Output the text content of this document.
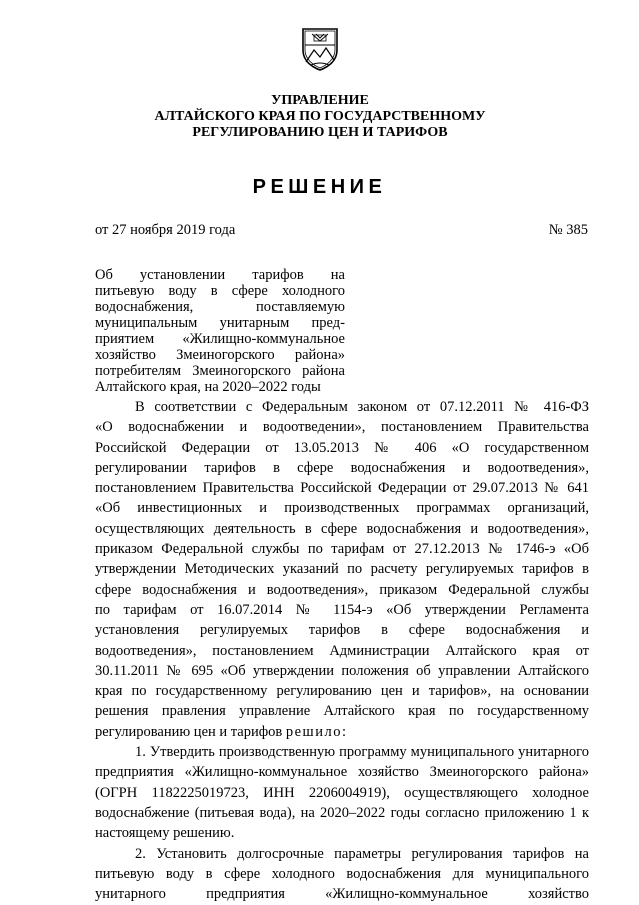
УПРАВЛЕНИЕ
АЛТАЙСКОГО КРАЯ ПО ГОСУДАРСТВЕННОМУ
РЕГУЛИРОВАНИЮ ЦЕН И ТАРИФОВ
РЕШЕНИЕ
от 27 ноября 2019 года	№ 385
Об установлении тарифов на
питьевую воду в сфере холодного
водоснабжения, поставляемую
муниципальным унитарным пред-
приятием «Жилищно-коммунальное
хозяйство Змеиногорского района»
потребителям Змеиногорского района
Алтайского края, на 2020–2022 годы
В соответствии с Федеральным законом от 07.12.2011 № 416-ФЗ
«О водоснабжении и водоотведении», постановлением Правительства
Российской Федерации от 13.05.2013 № 406 «О государственном
регулировании тарифов в сфере водоснабжения и водоотведения»,
постановлением Правительства Российской Федерации от 29.07.2013 № 641
«Об инвестиционных и производственных программах организаций,
осуществляющих деятельность в сфере водоснабжения и водоотведения»,
приказом Федеральной службы по тарифам от 27.12.2013 № 1746-э «Об
утверждении Методических указаний по расчету регулируемых тарифов в
сфере водоснабжения и водоотведения», приказом Федеральной службы
по тарифам от 16.07.2014 № 1154-э «Об утверждении Регламента
установления регулируемых тарифов в сфере водоснабжения и
водоотведения», постановлением Администрации Алтайского края от
30.11.2011 № 695 «Об утверждении положения об управлении Алтайского
края по государственному регулированию цен и тарифов», на основании
решения правления управление Алтайского края по государственному
регулированию цен и тарифов решило:
1. Утвердить производственную программу муниципального унитарного
предприятия «Жилищно-коммунальное хозяйство Змеиногорского района»
(ОГРН 1182225019723, ИНН 2206004919), осуществляющего холодное
водоснабжение (питьевая вода), на 2020–2022 годы согласно приложению 1 к
настоящему решению.
2. Установить долгосрочные параметры регулирования тарифов на
питьевую воду в сфере холодного водоснабжения для муниципального
унитарного предприятия «Жилищно-коммунальное хозяйство
